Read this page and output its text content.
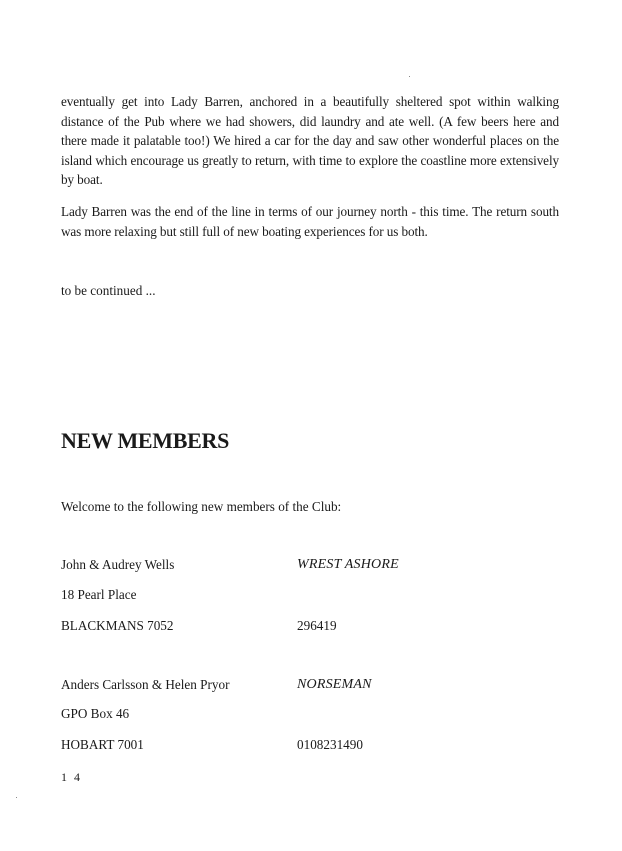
eventually get into Lady Barren, anchored in a beautifully sheltered spot within walking distance of the Pub where we had showers, did laundry and ate well. (A few beers here and there made it palatable too!) We hired a car for the day and saw other wonderful places on the island which encourage us greatly to return, with time to explore the coastline more extensively by boat.

Lady Barren was the end of the line in terms of our journey north - this time. The return south was more relaxing but still full of new boating experiences for us both.

to be continued ...

NEW MEMBERS

Welcome to the following new members of the Club:

John & Audrey Wells	WREST ASHORE

18 Pearl Place

BLACKMANS 7052	296419

Anders Carlsson & Helen Pryor	NORSEMAN

GPO Box 46

HOBART 7001	0108231490

1 4
